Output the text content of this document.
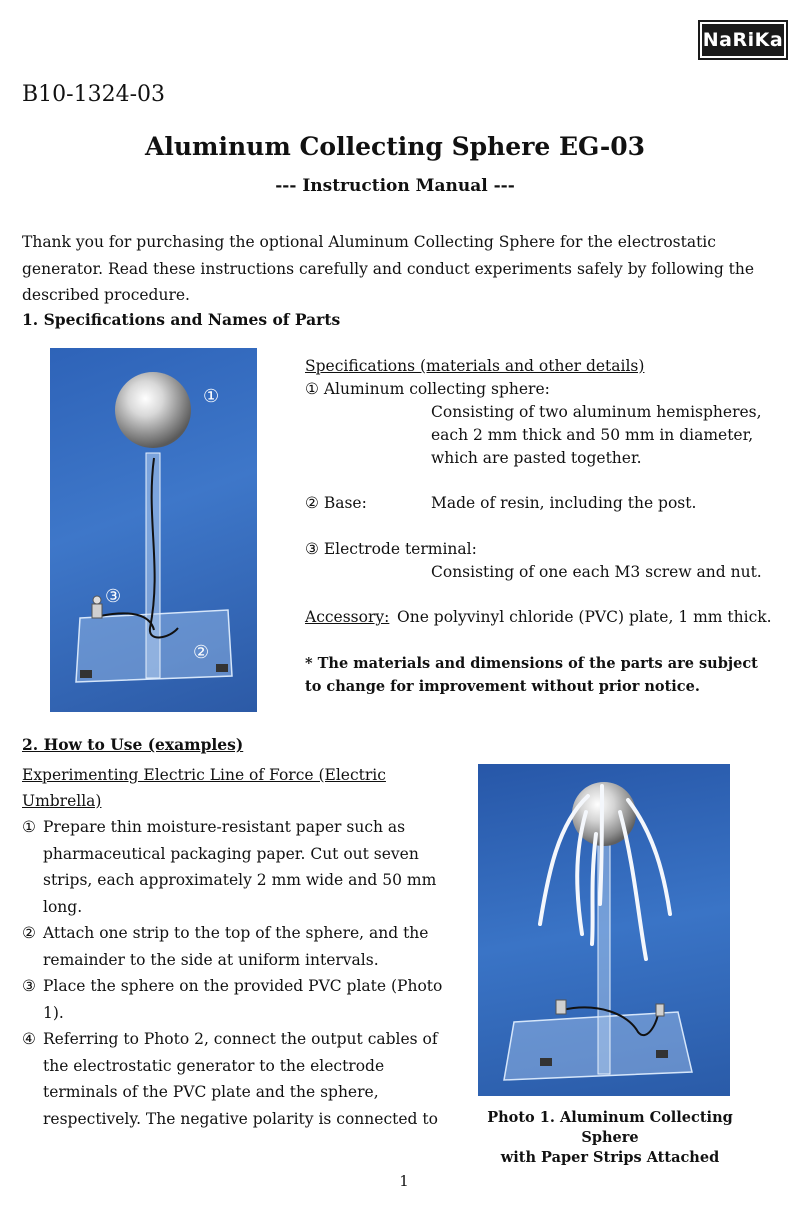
NaRiKa
B10-1324-03
Aluminum Collecting Sphere EG-03
--- Instruction Manual ---
Thank you for purchasing the optional Aluminum Collecting Sphere for the electrostatic generator. Read these instructions carefully and conduct experiments safely by following the described procedure.
1. Specifications and Names of Parts
①
③
②
Specifications (materials and other details)
① Aluminum collecting sphere:
Consisting of two aluminum hemispheres,
each 2 mm thick and 50 mm in diameter,
which are pasted together.
② Base:	Made of resin, including the post.
③ Electrode terminal:
Consisting of one each M3 screw and nut.
Accessory: One polyvinyl chloride (PVC) plate, 1 mm thick.
* The materials and dimensions of the parts are subject to change for improvement without prior notice.
2. How to Use (examples)
Experimenting Electric Line of Force (Electric Umbrella)
① Prepare thin moisture-resistant paper such as pharmaceutical packaging paper. Cut out seven strips, each approximately 2 mm wide and 50 mm long.
② Attach one strip to the top of the sphere, and the remainder to the side at uniform intervals.
③ Place the sphere on the provided PVC plate (Photo 1).
④ Referring to Photo 2, connect the output cables of the electrostatic generator to the electrode terminals of the PVC plate and the sphere, respectively. The negative polarity is connected to	Photo 1. Aluminum Collecting Sphere
with Paper Strips Attached
1
